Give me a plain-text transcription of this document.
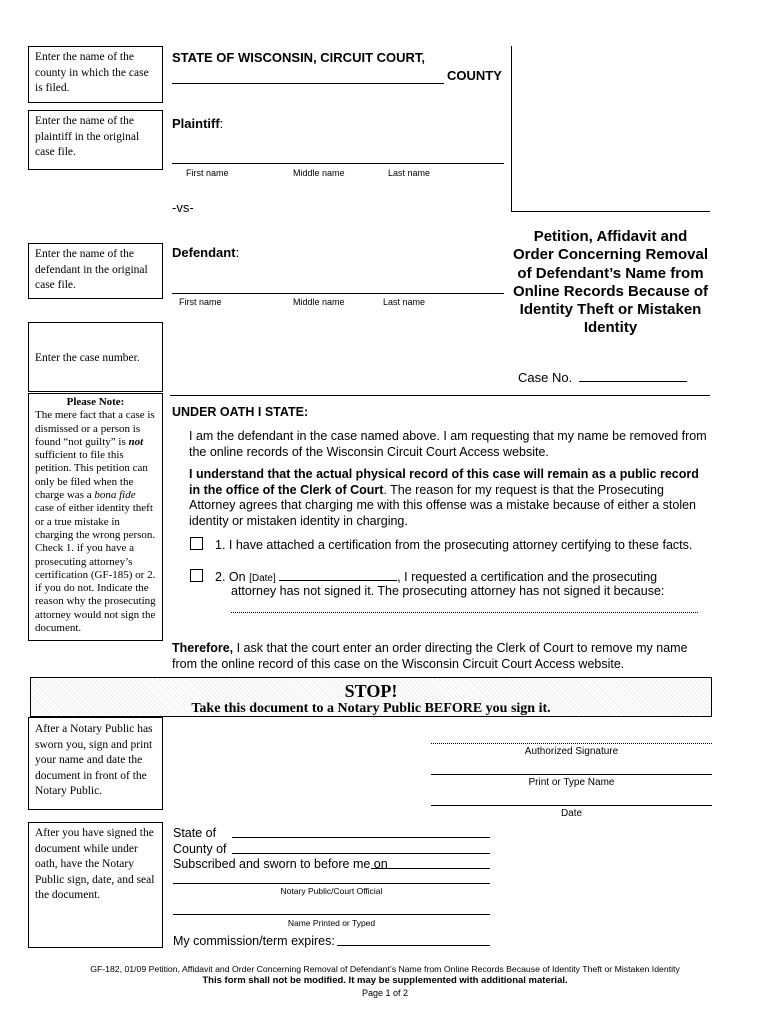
Enter the name of the county in which the case is filed.
Enter the name of the plaintiff in the original case file.
Enter the name of the defendant in the original case file.
Enter the case number.
Please Note:
The mere fact that a case is dismissed or a person is found “not guilty” is not sufficient to file this petition. This petition can only be filed when the charge was a bona fide case of either identity theft or a true mistake in charging the wrong person. Check 1. if you have a prosecuting attorney’s certification (GF-185) or 2. if you do not. Indicate the reason why the prosecuting attorney would not sign the document.
After a Notary Public has sworn you, sign and print your name and date the document in front of the Notary Public.
After you have signed the document while under oath, have the Notary Public sign, date, and seal the document.
STATE OF WISCONSIN, CIRCUIT COURT,
COUNTY
Plaintiff:
First name	Middle name	Last name
-vs-
Defendant:
First name	Middle name	Last name
Petition, Affidavit and Order Concerning Removal of Defendant’s Name from Online Records Because of Identity Theft or Mistaken Identity
Case No.
UNDER OATH I STATE:
I am the defendant in the case named above. I am requesting that my name be removed from the online records of the Wisconsin Circuit Court Access website.
I understand that the actual physical record of this case will remain as a public record in the office of the Clerk of Court. The reason for my request is that the Prosecuting Attorney agrees that charging me with this offense was a mistake because of either a stolen identity or mistaken identity in charging.
1. I have attached a certification from the prosecuting attorney certifying to these facts.
2. On [Date]	, I requested a certification and the prosecuting
attorney has not signed it. The prosecuting attorney has not signed it because:
Therefore, I ask that the court enter an order directing the Clerk of Court to remove my name from the online record of this case on the Wisconsin Circuit Court Access website.
STOP!
Take this document to a Notary Public BEFORE you sign it.
Authorized Signature
Print or Type Name
Date
State of
County of
Subscribed and sworn to before me on
Notary Public/Court Official
Name Printed or Typed
My commission/term expires:
GF-182, 01/09 Petition, Affidavit and Order Concerning Removal of Defendant’s Name from Online Records Because of Identity Theft or Mistaken Identity
This form shall not be modified. It may be supplemented with additional material.
Page 1 of 2
